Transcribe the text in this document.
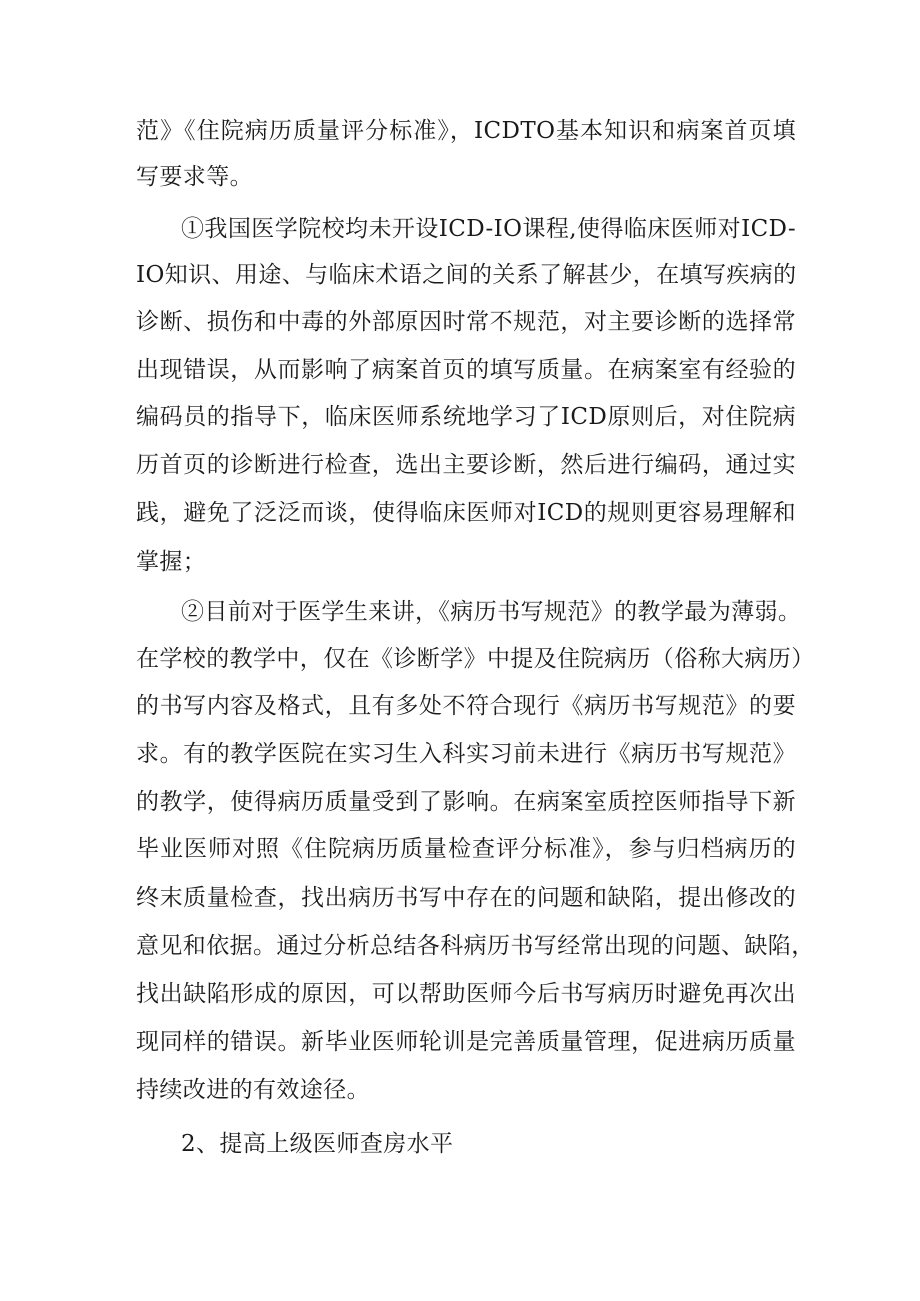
范》《住院病历质量评分标准》，ICDTO基本知识和病案首页填
写要求等。
①我国医学院校均未开设ICD-IO课程,使得临床医师对ICD-
IO知识、用途、与临床术语之间的关系了解甚少，在填写疾病的
诊断、损伤和中毒的外部原因时常不规范，对主要诊断的选择常
出现错误，从而影响了病案首页的填写质量。在病案室有经验的
编码员的指导下，临床医师系统地学习了ICD原则后，对住院病
历首页的诊断进行检查，选出主要诊断，然后进行编码，通过实
践，避免了泛泛而谈，使得临床医师对ICD的规则更容易理解和
掌握；
②目前对于医学生来讲，《病历书写规范》的教学最为薄弱。
在学校的教学中，仅在《诊断学》中提及住院病历（俗称大病历）
的书写内容及格式，且有多处不符合现行《病历书写规范》的要
求。有的教学医院在实习生入科实习前未进行《病历书写规范》
的教学，使得病历质量受到了影响。在病案室质控医师指导下新
毕业医师对照《住院病历质量检查评分标准》，参与归档病历的
终末质量检查，找出病历书写中存在的问题和缺陷，提出修改的
意见和依据。通过分析总结各科病历书写经常出现的问题、缺陷，
找出缺陷形成的原因，可以帮助医师今后书写病历时避免再次出
现同样的错误。新毕业医师轮训是完善质量管理，促进病历质量
持续改进的有效途径。
2、提高上级医师查房水平
